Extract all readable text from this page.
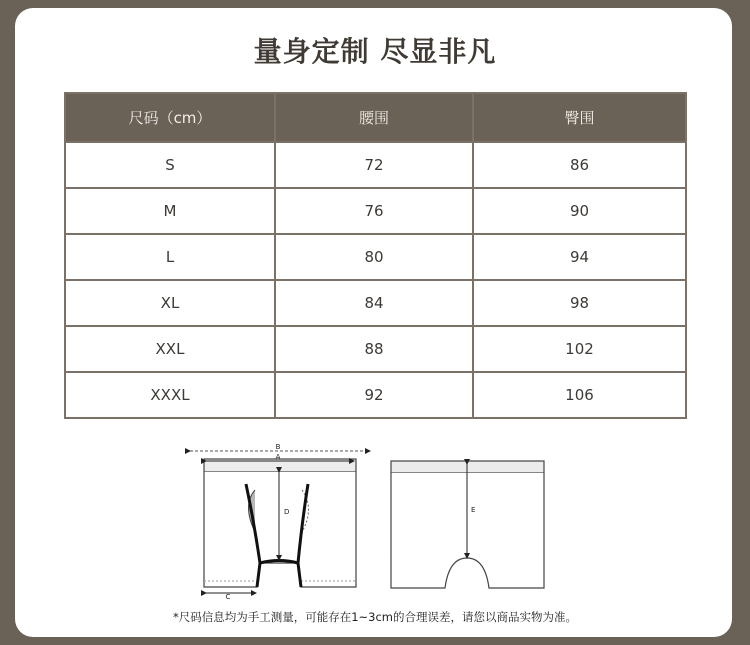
量身定制 尽显非凡
尺码（cm）	腰围	臀围
S	72	86
M	76	90
L	80	94
XL	84	98
XXL	88	102
XXXL	92	106
B
A
D
C
E
*尺码信息均为手工测量，可能存在1~3cm的合理误差，请您以商品实物为准。
